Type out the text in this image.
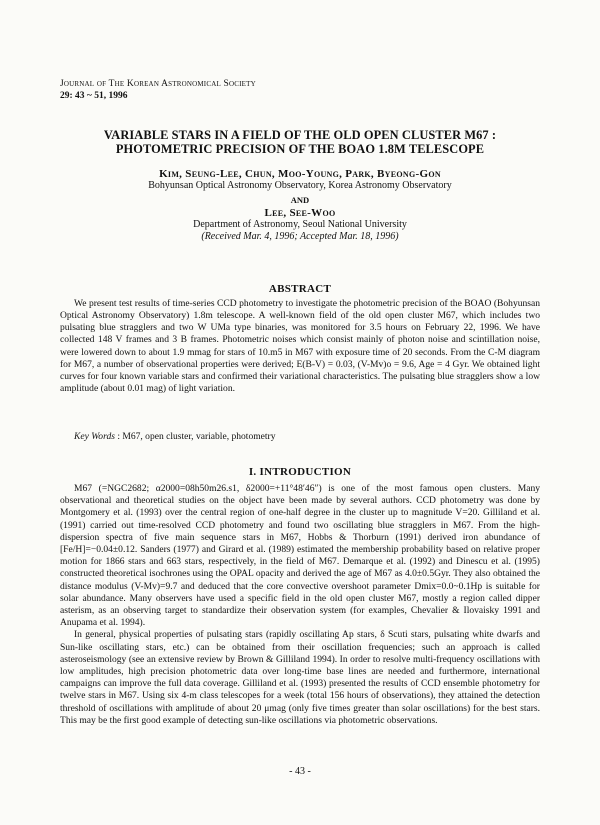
Journal of The Korean Astronomical Society
29: 43 ~ 51, 1996
VARIABLE STARS IN A FIELD OF THE OLD OPEN CLUSTER M67 :
PHOTOMETRIC PRECISION OF THE BOAO 1.8M TELESCOPE
Kim, Seung-Lee, Chun, Moo-Young, Park, Byeong-Gon
Bohyunsan Optical Astronomy Observatory, Korea Astronomy Observatory
AND
Lee, See-Woo
Department of Astronomy, Seoul National University
(Received Mar. 4, 1996; Accepted Mar. 18, 1996)
ABSTRACT
We present test results of time-series CCD photometry to investigate the photometric precision of the BOAO (Bohyunsan Optical Astronomy Observatory) 1.8m telescope. A well-known field of the old open cluster M67, which includes two pulsating blue stragglers and two W UMa type binaries, was monitored for 3.5 hours on February 22, 1996. We have collected 148 V frames and 3 B frames. Photometric noises which consist mainly of photon noise and scintillation noise, were lowered down to about 1.9 mmag for stars of 10.m5 in M67 with exposure time of 20 seconds. From the C-M diagram for M67, a number of observational properties were derived; E(B-V) = 0.03, (V-Mv)o = 9.6, Age = 4 Gyr. We obtained light curves for four known variable stars and confirmed their variational characteristics. The pulsating blue stragglers show a low amplitude (about 0.01 mag) of light variation.
Key Words : M67, open cluster, variable, photometry
I. INTRODUCTION

M67 (=NGC2682; α2000=08h50m26.s1, δ2000=+11°48′46″) is one of the most famous open clusters. Many observational and theoretical studies on the object have been made by several authors. CCD photometry was done by Montgomery et al. (1993) over the central region of one-half degree in the cluster up to magnitude V=20. Gilliland et al. (1991) carried out time-resolved CCD photometry and found two oscillating blue stragglers in M67. From the high-dispersion spectra of five main sequence stars in M67, Hobbs & Thorburn (1991) derived iron abundance of [Fe/H]=−0.04±0.12. Sanders (1977) and Girard et al. (1989) estimated the membership probability based on relative proper motion for 1866 stars and 663 stars, respectively, in the field of M67. Demarque et al. (1992) and Dinescu et al. (1995) constructed theoretical isochrones using the OPAL opacity and derived the age of M67 as 4.0±0.5Gyr. They also obtained the distance modulus (V-Mv)=9.7 and deduced that the core convective overshoot parameter Dmix=0.0~0.1Hp is suitable for solar abundance. Many observers have used a specific field in the old open cluster M67, mostly a region called dipper asterism, as an observing target to standardize their observation system (for examples, Chevalier & Ilovaisky 1991 and Anupama et al. 1994).

In general, physical properties of pulsating stars (rapidly oscillating Ap stars, δ Scuti stars, pulsating white dwarfs and Sun-like oscillating stars, etc.) can be obtained from their oscillation frequencies; such an approach is called asteroseismology (see an extensive review by Brown & Gilliland 1994). In order to resolve multi-frequency oscillations with low amplitudes, high precision photometric data over long-time base lines are needed and furthermore, international campaigns can improve the full data coverage. Gilliland et al. (1993) presented the results of CCD ensemble photometry for twelve stars in M67. Using six 4-m class telescopes for a week (total 156 hours of observations), they attained the detection threshold of oscillations with amplitude of about 20 μmag (only five times greater than solar oscillations) for the best stars. This may be the first good example of detecting sun-like oscillations via photometric observations.

- 43 -
